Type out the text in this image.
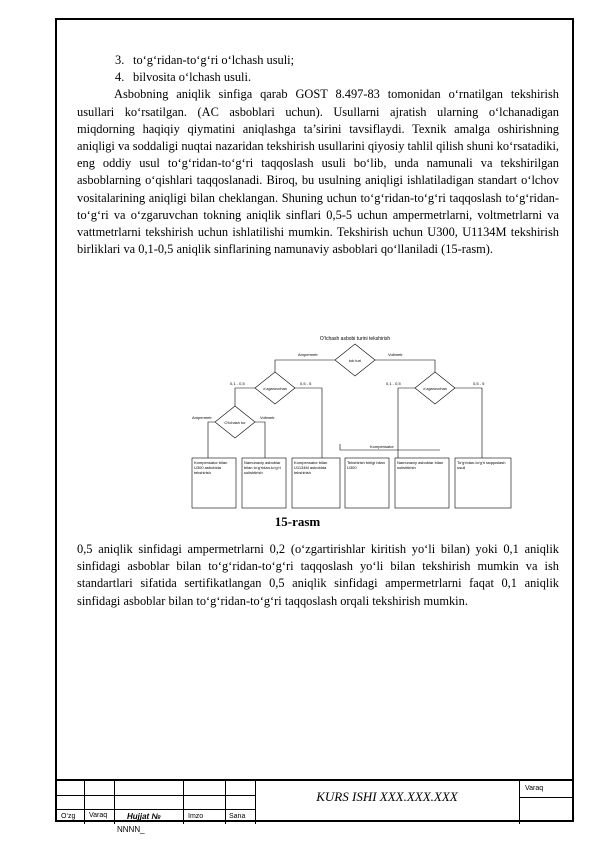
3. to‘g‘ridan-to‘g‘ri o‘lchash usuli;

4. bilvosita o‘lchash usuli.

Asbobning aniqlik sinfiga qarab GOST 8.497-83 tomonidan o‘rnatilgan tekshirish usullari ko‘rsatilgan. (AC asboblari uchun). Usullarni ajratish ularning o‘lchanadigan miqdorning haqiqiy qiymatini aniqlashga ta’sirini tavsiflaydi. Texnik amalga oshirishning aniqligi va soddaligi nuqtai nazaridan tekshirish usullarini qiyosiy tahlil qilish shuni ko‘rsatadiki, eng oddiy usul to‘g‘ridan-to‘g‘ri taqqoslash usuli bo‘lib, unda namunali va tekshirilgan asboblarning o‘qishlari taqqoslanadi. Biroq, bu usulning aniqligi ishlatiladigan standart o‘lchov vositalarining aniqligi bilan cheklangan. Shuning uchun to‘g‘ridan-to‘g‘ri taqqoslash to‘g‘ridan-to‘g‘ri va o‘zgaruvchan tokning aniqlik sinflari 0,5-5 uchun ampermetrlarni, voltmetrlarni va vattmetrlarni tekshirish uchun ishlatilishi mumkin. Tekshirish uchun U300, U1134M tekshirish birliklari va 0,1-0,5 aniqlik sinflarining namunaviy asboblari qo‘llaniladi (15-rasm).

O‘lchash asbobi turini tekshirish
tok turi
Ampermetr	Voltmetr
o‘zgaruvchan	o‘zgaruvchan
0,1 - 0,5	0,5 - 5	0,1 - 0,5	0,5 - 5
O‘lchash tur
Ampermetr	Voltmetr
Kompensator
Kompensator bilan U300 asbobida tekshirish
Namunaviy asboblar bilan to‘g‘ridan-to‘g‘ri solishtirish
Kompensator bilan U1134M asbobida tekshirish
Tekshirish birligi bilan U300
Namunaviy asboblar bilan solishtirish
To‘g‘ridan-to‘g‘ri taqqoslash usuli
15-rasm

0,5 aniqlik sinfidagi ampermetrlarni 0,2 (o‘zgartirishlar kiritish yo‘li bilan) yoki 0,1 aniqlik sinfidagi asboblar bilan to‘g‘ridan-to‘g‘ri taqqoslash yo‘li bilan tekshirish mumkin va ish standartlari sifatida sertifikatlangan 0,5 aniqlik sinfidagi ampermetrlarni faqat 0,1 aniqlik sinfidagi asboblar bilan to‘g‘ridan-to‘g‘ri taqqoslash orqali tekshirish mumkin.

KURS ISHI XXX.XXX.XXX
O‘zg Varaq Hujjat №	Imzo	Sana
Varaq
NNNN_
